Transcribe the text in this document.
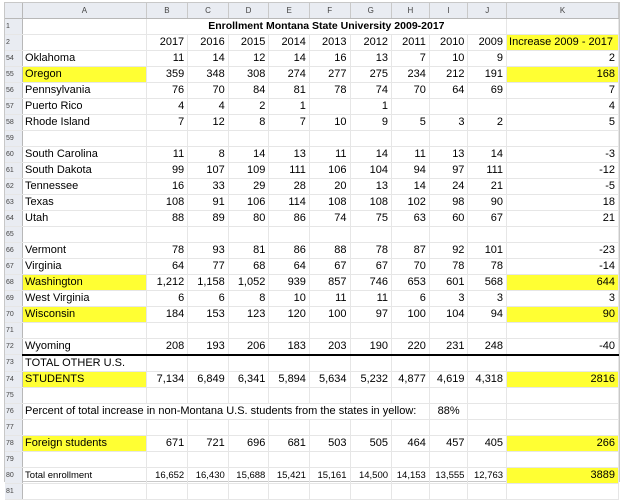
	A	B	C	D	E	F	G	H	I	J	K
1		Enrollment Montana State University 2009-2017									
2		2017	2016	2015	2014	2013	2012	2011	2010	2009	Increase 2009 - 2017
54	Oklahoma	11	14	12	14	16	13	7	10	9	2
55	Oregon	359	348	308	274	277	275	234	212	191	168
56	Pennsylvania	76	70	84	81	78	74	70	64	69	7
57	Puerto Rico	4	4	2	1		1				4
58	Rhode Island	7	12	8	7	10	9	5	3	2	5
59											
60	South Carolina	11	8	14	13	11	14	11	13	14	-3
61	South Dakota	99	107	109	111	106	104	94	97	111	-12
62	Tennessee	16	33	29	28	20	13	14	24	21	-5
63	Texas	108	91	106	114	108	108	102	98	90	18
64	Utah	88	89	80	86	74	75	63	60	67	21
65											
66	Vermont	78	93	81	86	88	78	87	92	101	-23
67	Virginia	64	77	68	64	67	67	70	78	78	-14
68	Washington	1,212	1,158	1,052	939	857	746	653	601	568	644
69	West Virginia	6	6	8	10	11	11	6	3	3	3
70	Wisconsin	184	153	123	120	100	97	100	104	94	90
71											
72	Wyoming	208	193	206	183	203	190	220	231	248	-40
73	TOTAL OTHER U.S.										
74	STUDENTS	7,134	6,849	6,341	5,894	5,634	5,232	4,877	4,619	4,318	2816
75											
76	Percent of total increase in non-Montana U.S. students from the states in yellow:								88%		
77											
78	Foreign students	671	721	696	681	503	505	464	457	405	266
79											
80	Total enrollment	16,652	16,430	15,688	15,421	15,161	14,500	14,153	13,555	12,763	3889
81											
